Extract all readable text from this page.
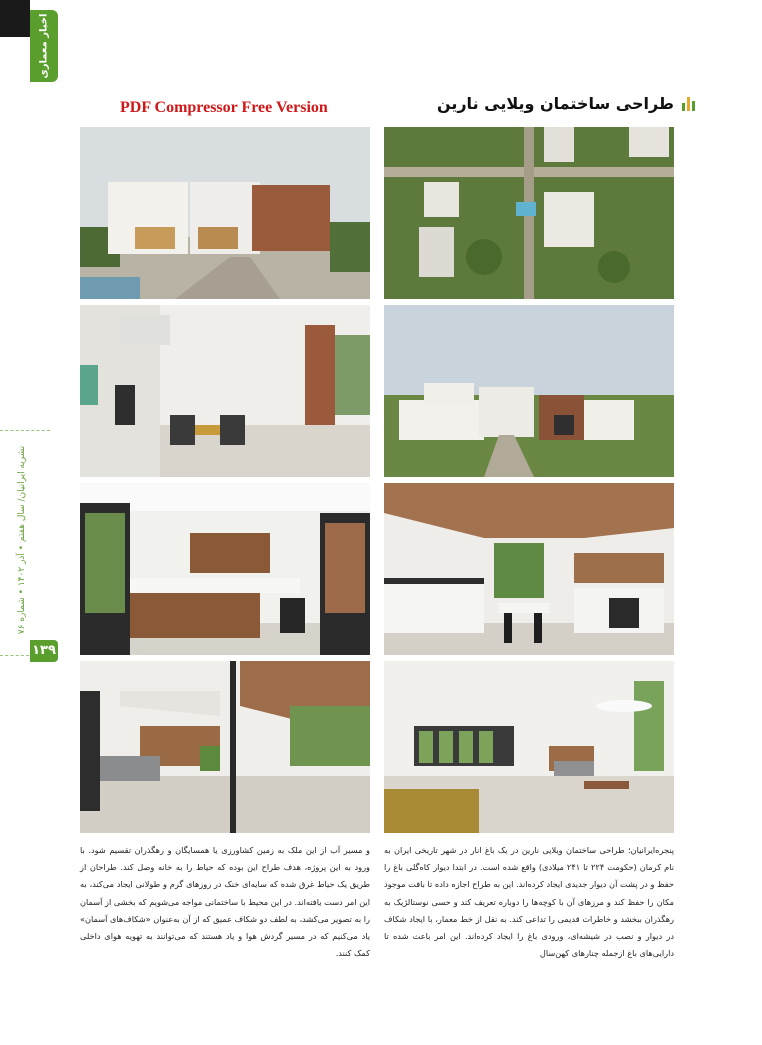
اخبار معماری
نشریه ایرانیان/ سال هفتم • آذر ۱۴۰۲ • شماره ۷۶
۱۳۹
PDF Compressor Free Version	طراحی ساختمان ویلایی نارین

پنجره‌ایرانیان؛ طراحی ساختمان ویلایی نارین در یک باغ انار در شهر تاریخی ایران به نام کرمان (حکومت ۲۲۴ تا ۲۴۱ میلادی) واقع شده است. در ابتدا دیوار کاه‌گلی باغ را حفظ و در پشت آن دیوار جدیدی ایجاد کرده‌اند. این به طراح اجازه داده تا بافت موجود مکان را حفظ کند و مرزهای آن با کوچه‌ها را دوباره تعریف کند و حسی نوستالژیک به رهگذران ببخشد و خاطرات قدیمی را تداعی کند. به نقل از خط معمار، با ایجاد شکاف در دیوار و نصب در شیشه‌ای، ورودی باغ را ایجاد کرده‌اند. این امر باعث شده تا دارایی‌های باغ ازجمله چنارهای کهن‌سال

و مسیر آب از این ملک به زمین کشاورزی یا همسایگان و رهگذران تقسیم شود. با ورود به این پروژه، هدف طراح این بوده که حیاط را به خانه وصل کند. طراحان از طریق یک حیاط غرق شده که سایه‌ای خنک در روزهای گرم و طولانی ایجاد می‌کند، به این امر دست یافته‌اند. در این محیط با ساختمانی مواجه می‌شویم که بخشی از آسمان را به تصویر می‌کشد، به لطف دو شکاف عمیق که از آن به‌عنوان «شکاف‌های آسمان» یاد می‌کنیم که در مسیر گردش هوا و یاد هستند که می‌توانند به تهویه هوای داخلی کمک کنند.
